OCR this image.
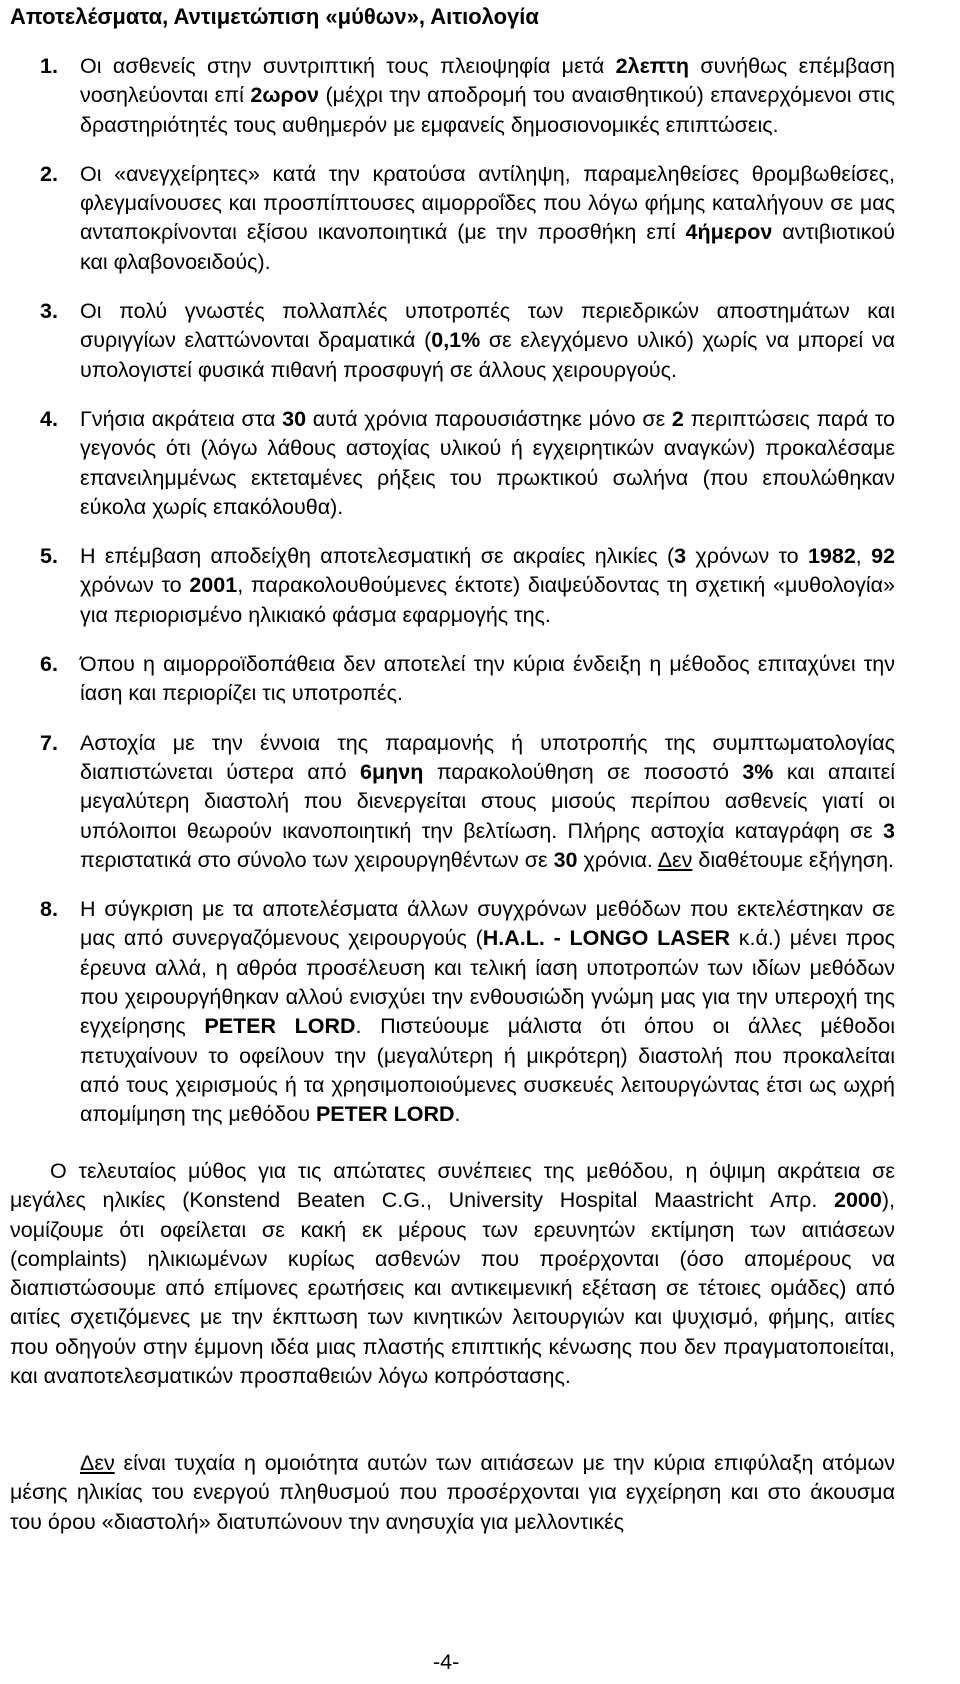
Αποτελέσματα, Αντιμετώπιση «μύθων», Αιτιολογία

1. Οι ασθενείς στην συντριπτική τους πλειοψηφία μετά 2λεπτη συνήθως επέμβαση νοσηλεύονται επί 2ωρον (μέχρι την αποδρομή του αναισθητικού) επανερχόμενοι στις δραστηριότητές τους αυθημερόν με εμφανείς δημοσιονομικές επιπτώσεις.

2. Οι «ανεγχείρητες» κατά την κρατούσα αντίληψη, παραμεληθείσες θρομβωθείσες, φλεγμαίνουσες και προσπίπτουσες αιμορροΐδες που λόγω φήμης καταλήγουν σε μας ανταποκρίνονται εξίσου ικανοποιητικά (με την προσθήκη επί 4ήμερον αντιβιοτικού και φλαβονοειδούς).

3. Οι πολύ γνωστές πολλαπλές υποτροπές των περιεδρικών αποστημάτων και συριγγίων ελαττώνονται δραματικά (0,1% σε ελεγχόμενο υλικό) χωρίς να μπορεί να υπολογιστεί φυσικά πιθανή προσφυγή σε άλλους χειρουργούς.

4. Γνήσια ακράτεια στα 30 αυτά χρόνια παρουσιάστηκε μόνο σε 2 περιπτώσεις παρά το γεγονός ότι (λόγω λάθους αστοχίας υλικού ή εγχειρητικών αναγκών) προκαλέσαμε επανειλημμένως εκτεταμένες ρήξεις του πρωκτικού σωλήνα (που επουλώθηκαν εύκολα χωρίς επακόλουθα).

5. Η επέμβαση αποδείχθη αποτελεσματική σε ακραίες ηλικίες (3 χρόνων το 1982, 92 χρόνων το 2001, παρακολουθούμενες έκτοτε) διαψεύδοντας τη σχετική «μυθολογία» για περιορισμένο ηλικιακό φάσμα εφαρμογής της.

6. Όπου η αιμορροϊδοπάθεια δεν αποτελεί την κύρια ένδειξη η μέθοδος επιταχύνει την ίαση και περιορίζει τις υποτροπές.

7. Αστοχία με την έννοια της παραμονής ή υποτροπής της συμπτωματολογίας διαπιστώνεται ύστερα από 6μηνη παρακολούθηση σε ποσοστό 3% και απαιτεί μεγαλύτερη διαστολή που διενεργείται στους μισούς περίπου ασθενείς γιατί οι υπόλοιποι θεωρούν ικανοποιητική την βελτίωση. Πλήρης αστοχία καταγράφη σε 3 περιστατικά στο σύνολο των χειρουργηθέντων σε 30 χρόνια. Δεν διαθέτουμε εξήγηση.

8. Η σύγκριση με τα αποτελέσματα άλλων συγχρόνων μεθόδων που εκτελέστηκαν σε μας από συνεργαζόμενους χειρουργούς (H.A.L. - LONGO LASER κ.ά.) μένει προς έρευνα αλλά, η αθρόα προσέλευση και τελική ίαση υποτροπών των ιδίων μεθόδων που χειρουργήθηκαν αλλού ενισχύει την ενθουσιώδη γνώμη μας για την υπεροχή της εγχείρησης PETER LORD. Πιστεύουμε μάλιστα ότι όπου οι άλλες μέθοδοι πετυχαίνουν το οφείλουν την (μεγαλύτερη ή μικρότερη) διαστολή που προκαλείται από τους χειρισμούς ή τα χρησιμοποιούμενες συσκευές λειτουργώντας έτσι ως ωχρή απομίμηση της μεθόδου PETER LORD.

Ο τελευταίος μύθος για τις απώτατες συνέπειες της μεθόδου, η όψιμη ακράτεια σε μεγάλες ηλικίες (Konstend Beaten C.G., University Hospital Maastricht Απρ. 2000), νομίζουμε ότι οφείλεται σε κακή εκ μέρους των ερευνητών εκτίμηση των αιτιάσεων (complaints) ηλικιωμένων κυρίως ασθενών που προέρχονται (όσο απομέρους να διαπιστώσουμε από επίμονες ερωτήσεις και αντικειμενική εξέταση σε τέτοιες ομάδες) από αιτίες σχετιζόμενες με την έκπτωση των κινητικών λειτουργιών και ψυχισμό, φήμης, αιτίες που οδηγούν στην έμμονη ιδέα μιας πλαστής επιπτικής κένωσης που δεν πραγματοποιείται, και αναποτελεσματικών προσπαθειών λόγω κοπρόστασης.

Δεν είναι τυχαία η ομοιότητα αυτών των αιτιάσεων με την κύρια επιφύλαξη ατόμων μέσης ηλικίας του ενεργού πληθυσμού που προσέρχονται για εγχείρηση και στο άκουσμα του όρου «διαστολή» διατυπώνουν την ανησυχία για μελλοντικές

-4-
